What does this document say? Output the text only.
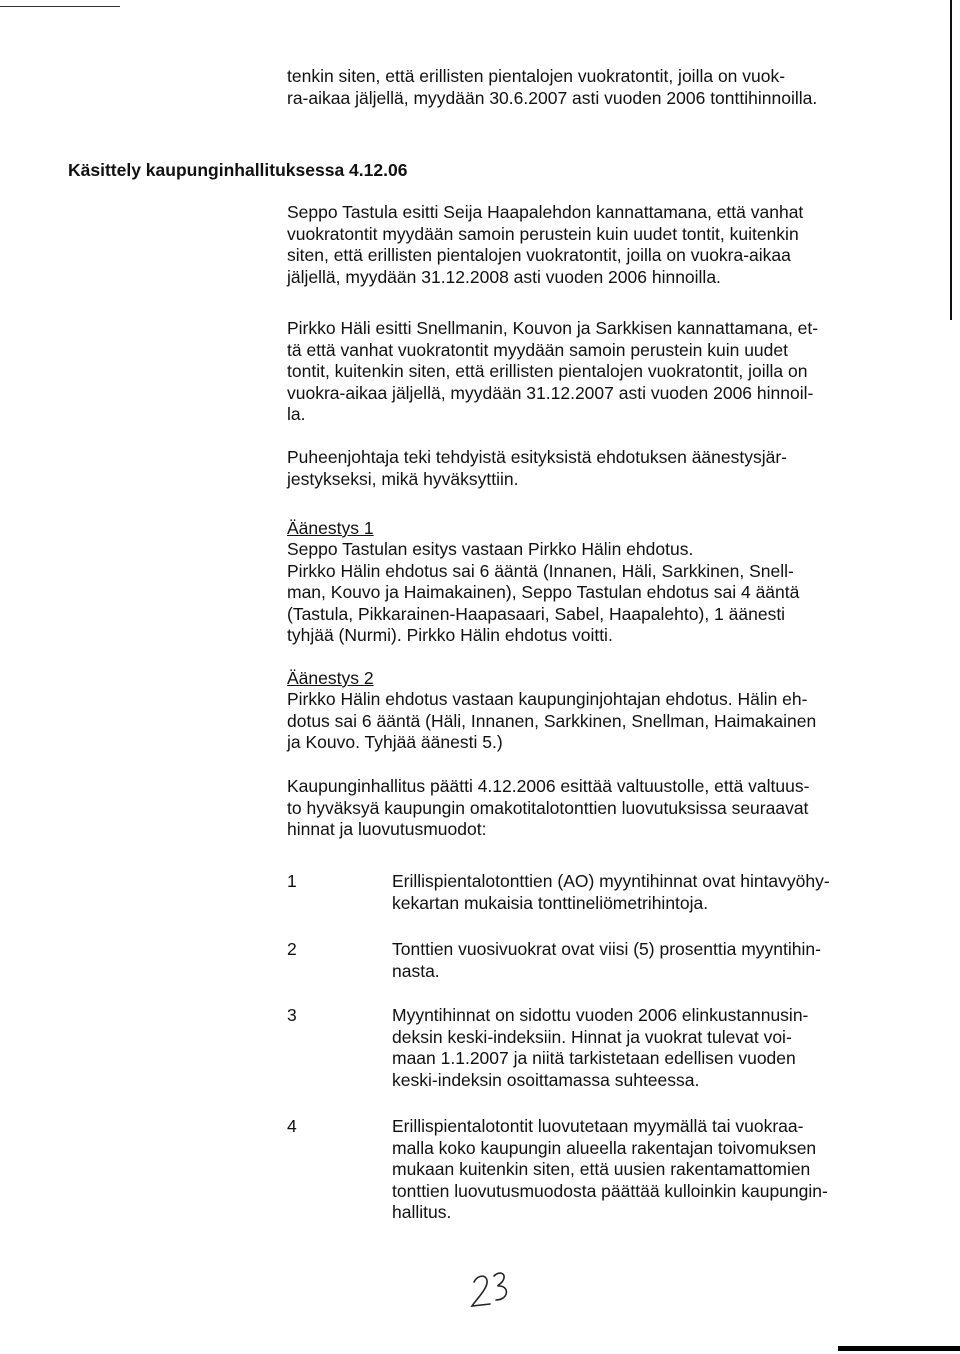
tenkin siten, että erillisten pientalojen vuokratontit, joilla on vuok-
ra-aikaa jäljellä, myydään 30.6.2007 asti vuoden 2006 tonttihinnoilla.

Käsittely kaupunginhallituksessa 4.12.06

Seppo Tastula esitti Seija Haapalehdon kannattamana, että vanhat
vuokratontit myydään samoin perustein kuin uudet tontit, kuitenkin
siten, että erillisten pientalojen vuokratontit, joilla on vuokra-aikaa
jäljellä, myydään 31.12.2008 asti vuoden 2006 hinnoilla.

Pirkko Häli esitti Snellmanin, Kouvon ja Sarkkisen kannattamana, et-
tä että vanhat vuokratontit myydään samoin perustein kuin uudet
tontit, kuitenkin siten, että erillisten pientalojen vuokratontit, joilla on
vuokra-aikaa jäljellä, myydään 31.12.2007 asti vuoden 2006 hinnoil-
la.

Puheenjohtaja teki tehdyistä esityksistä ehdotuksen äänestysjär-
jestykseksi, mikä hyväksyttiin.

Äänestys 1

Seppo Tastulan esitys vastaan Pirkko Hälin ehdotus.
Pirkko Hälin ehdotus sai 6 ääntä (Innanen, Häli, Sarkkinen, Snell-
man, Kouvo ja Haimakainen), Seppo Tastulan ehdotus sai 4 ääntä
(Tastula, Pikkarainen-Haapasaari, Sabel, Haapalehto), 1 äänesti
tyhjää (Nurmi). Pirkko Hälin ehdotus voitti.

Äänestys 2

Pirkko Hälin ehdotus vastaan kaupunginjohtajan ehdotus. Hälin eh-
dotus sai 6 ääntä (Häli, Innanen, Sarkkinen, Snellman, Haimakainen
ja Kouvo. Tyhjää äänesti 5.)

Kaupunginhallitus päätti 4.12.2006 esittää valtuustolle, että valtuus-
to hyväksyä kaupungin omakotitalotonttien luovutuksissa seuraavat
hinnat ja luovutusmuodot:

1	Erillispientalotonttien (AO) myyntihinnat ovat hintavyöhy-
kekartan mukaisia tonttineliömetrihintoja.

2	Tonttien vuosivuokrat ovat viisi (5) prosenttia myyntihin-
nasta.

3	Myyntihinnat on sidottu vuoden 2006 elinkustannusin-
deksin keski-indeksiin. Hinnat ja vuokrat tulevat voi-
maan 1.1.2007 ja niitä tarkistetaan edellisen vuoden
keski-indeksin osoittamassa suhteessa.

4	Erillispientalotontit luovutetaan myymällä tai vuokraa-
malla koko kaupungin alueella rakentajan toivomuksen
mukaan kuitenkin siten, että uusien rakentamattomien
tonttien luovutusmuodosta päättää kulloinkin kaupungin-
hallitus.
